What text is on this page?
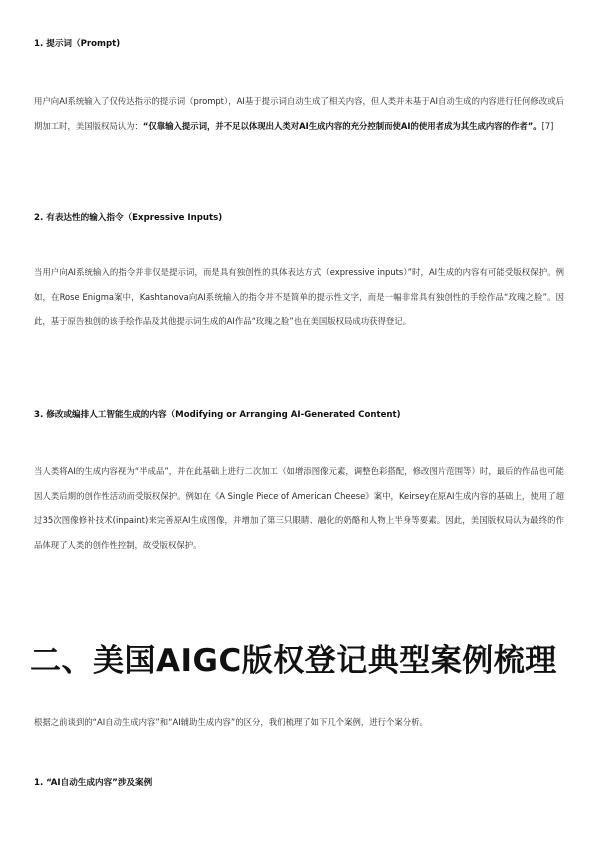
1. 提示词（Prompt)
用户向AI系统输入了仅传达指示的提示词（prompt），AI基于提示词自动生成了相关内容，但人类并未基于AI自动生成的内容进行任何修改或后期加工时，美国版权局认为：“仅靠输入提示词，并不足以体现出人类对AI生成内容的充分控制而使AI的使用者成为其生成内容的作者”。[7]
2. 有表达性的输入指令（Expressive Inputs)
当用户向AI系统输入的指令并非仅是提示词，而是具有独创性的具体表达方式（expressive inputs）”时，AI生成的内容有可能受版权保护。例如，在Rose Enigma案中，Kashtanova向AI系统输入的指令并不是简单的提示性文字，而是一幅非常具有独创性的手绘作品“玫瑰之脸”。因此，基于原告独创的该手绘作品及其他提示词生成的AI作品“玫瑰之脸”也在美国版权局成功获得登记。
3. 修改或编排人工智能生成的内容（Modifying or Arranging AI-Generated Content)
当人类将AI的生成内容视为“半成品”，并在此基础上进行二次加工（如增添图像元素，调整色彩搭配，修改图片范围等）时，最后的作品也可能因人类后期的创作性活动而受版权保护。例如在《A Single Piece of American Cheese》案中，Keirsey在原AI生成内容的基础上，使用了超过35次图像修补技术(inpaint)来完善原AI生成图像，并增加了第三只眼睛、融化的奶酪和人物上半身等要素。因此，美国版权局认为最终的作品体现了人类的创作性控制，故受版权保护。
二、美国AIGC版权登记典型案例梳理
根据之前谈到的“AI自动生成内容”和“AI辅助生成内容”的区分，我们梳理了如下几个案例，进行个案分析。
1. “AI自动生成内容”涉及案例
